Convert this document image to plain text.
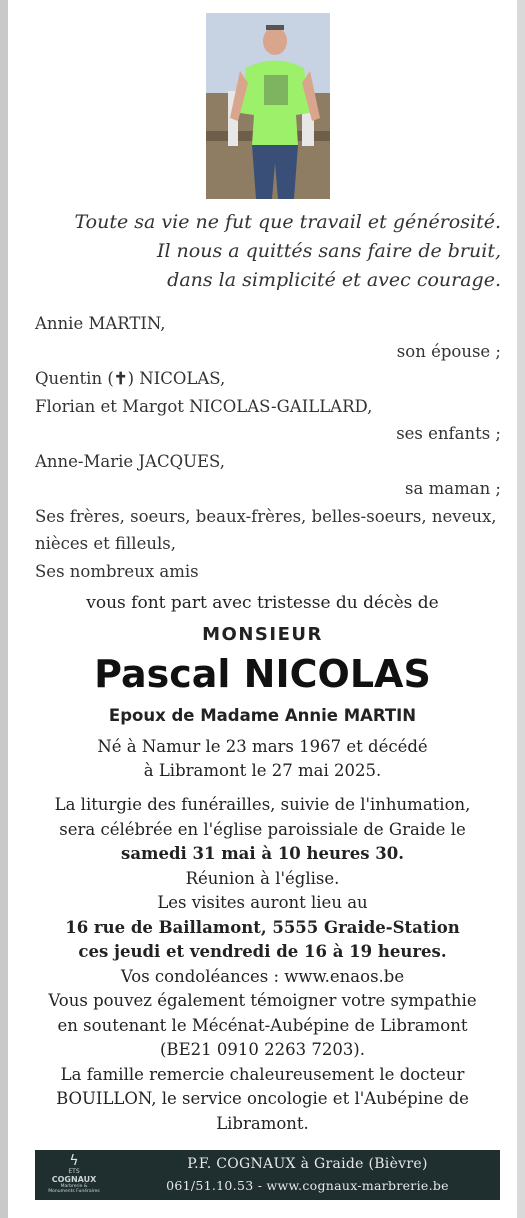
Toute sa vie ne fut que travail et générosité.
Il nous a quittés sans faire de bruit,
dans la simplicité et avec courage.
Annie MARTIN,
son épouse ;
Quentin (✝) NICOLAS,
Florian et Margot NICOLAS-GAILLARD,
ses enfants ;
Anne-Marie JACQUES,
sa maman ;
Ses frères, soeurs, beaux-frères, belles-soeurs, neveux,
nièces et filleuls,
Ses nombreux amis
vous font part avec tristesse du décès de
MONSIEUR
Pascal NICOLAS
Epoux de Madame Annie MARTIN
Né à Namur le 23 mars 1967 et décédé
à Libramont le 27 mai 2025.
La liturgie des funérailles, suivie de l'inhumation,
sera célébrée en l'église paroissiale de Graide le
samedi 31 mai à 10 heures 30.
Réunion à l'église.
Les visites auront lieu au
16 rue de Baillamont, 5555 Graide-Station
ces jeudi et vendredi de 16 à 19 heures.
Vos condoléances : www.enaos.be
Vous pouvez également témoigner votre sympathie
en soutenant le Mécénat-Aubépine de Libramont
(BE21 0910 2263 7203).
La famille remercie chaleureusement le docteur
BOUILLON, le service oncologie et l'Aubépine de
Libramont.
ϟ
ETS
COGNAUX
Marbrerie &
Monuments Funéraires
P.F. COGNAUX à Graide (Bièvre)
061/51.10.53 - www.cognaux-marbrerie.be
